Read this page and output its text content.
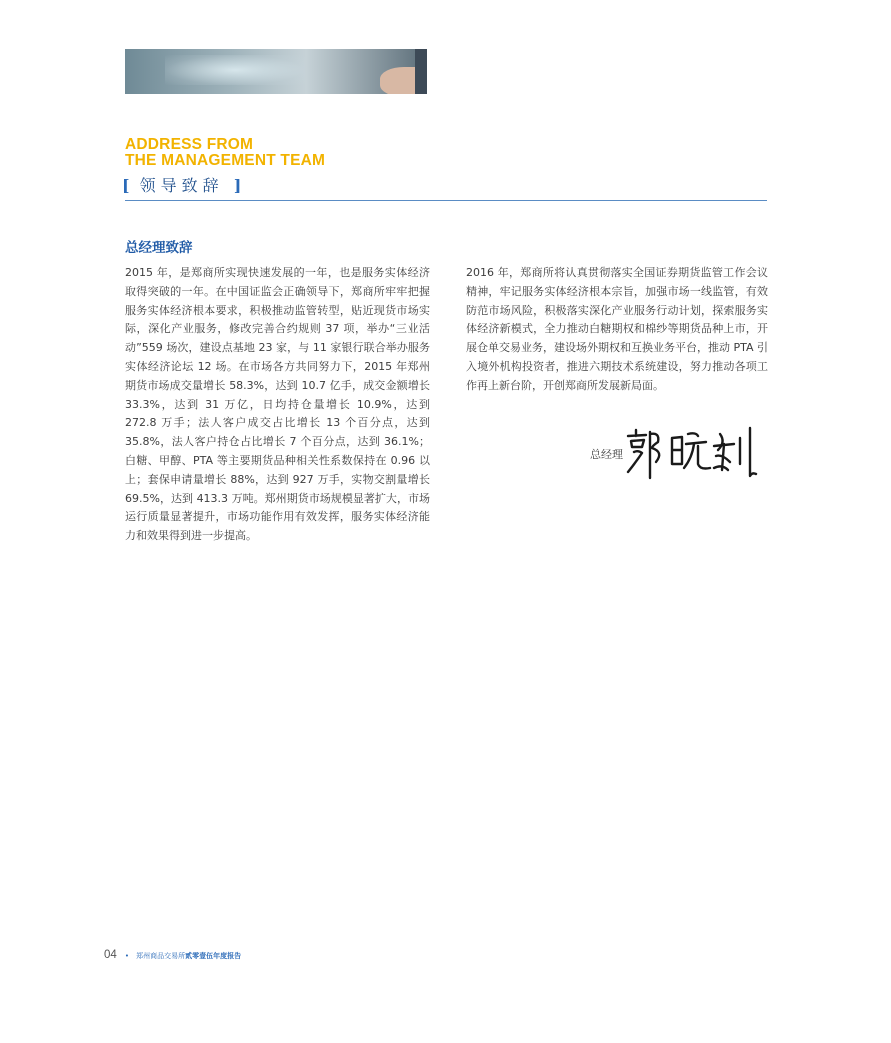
ADDRESS FROM
THE MANAGEMENT TEAM
[ 领导致辞 ]
总经理致辞
2015 年，是郑商所实现快速发展的一年，也是服务实体经济取得突破的一年。在中国证监会正确领导下，郑商所牢牢把握服务实体经济根本要求，积极推动监管转型，贴近现货市场实际，深化产业服务，修改完善合约规则 37 项，举办“三业活动”559 场次，建设点基地 23 家，与 11 家银行联合举办服务实体经济论坛 12 场。在市场各方共同努力下，2015 年郑州期货市场成交量增长 58.3%，达到 10.7 亿手，成交金额增长 33.3%，达到 31 万亿，日均持仓量增长 10.9%，达到 272.8 万手；法人客户成交占比增长 13 个百分点，达到 35.8%，法人客户持仓占比增长 7 个百分点，达到 36.1%；白糖、甲醇、PTA 等主要期货品种相关性系数保持在 0.96 以上；套保申请量增长 88%，达到 927 万手，实物交割量增长 69.5%，达到 413.3 万吨。郑州期货市场规模显著扩大，市场运行质量显著提升，市场功能作用有效发挥，服务实体经济能力和效果得到进一步提高。
2016 年，郑商所将认真贯彻落实全国证券期货监管工作会议精神，牢记服务实体经济根本宗旨，加强市场一线监管，有效防范市场风险，积极落实深化产业服务行动计划，探索服务实体经济新模式，全力推动白糖期权和棉纱等期货品种上市，开展仓单交易业务，建设场外期权和互换业务平台，推动 PTA 引入境外机构投资者，推进六期技术系统建设，努力推动各项工作再上新台阶，开创郑商所发展新局面。
总经理
04 • 郑州商品交易所贰零壹伍年度报告
